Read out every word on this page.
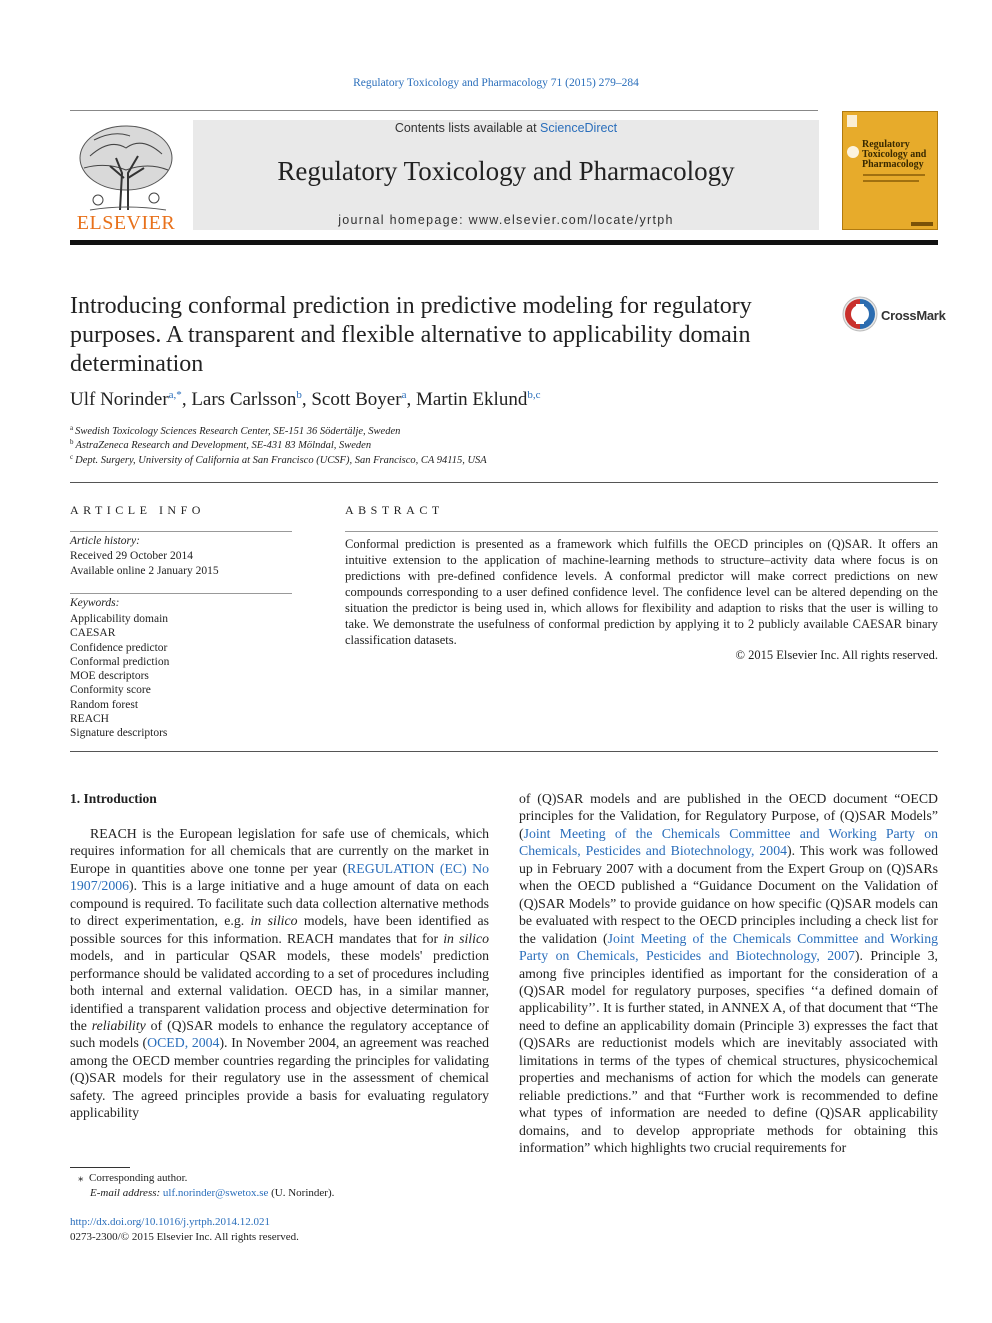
Regulatory Toxicology and Pharmacology 71 (2015) 279–284
ELSEVIER
Contents lists available at ScienceDirect
Regulatory Toxicology and Pharmacology
journal homepage: www.elsevier.com/locate/yrtph
Regulatory Toxicology and Pharmacology
Introducing conformal prediction in predictive modeling for regulatory purposes. A transparent and flexible alternative to applicability domain determination
CrossMark
Ulf Norinder$^{a,*}$, Lars Carlsson$^b$, Scott Boyer$^a$, Martin Eklund$^{b,c}$
$^a$ Swedish Toxicology Sciences Research Center, SE-151 36 Södertälje, Sweden
$^b$ AstraZeneca Research and Development, SE-431 83 Mölndal, Sweden
$^c$ Dept. Surgery, University of California at San Francisco (UCSF), San Francisco, CA 94115, USA
ARTICLE INFO
Article history:
Received 29 October 2014
Available online 2 January 2015
Keywords:
Applicability domain
CAESAR
Confidence predictor
Conformal prediction
MOE descriptors
Conformity score
Random forest
REACH
Signature descriptors
ABSTRACT
Conformal prediction is presented as a framework which fulfills the OECD principles on (Q)SAR. It offers an intuitive extension to the application of machine-learning methods to structure–activity data where focus is on predictions with pre-defined confidence levels. A conformal predictor will make correct predictions on new compounds corresponding to a user defined confidence level. The confidence level can be altered depending on the situation the predictor is being used in, which allows for flexibility and adaption to risks that the user is willing to take. We demonstrate the usefulness of conformal prediction by applying it to 2 publicly available CAESAR binary classification datasets.
© 2015 Elsevier Inc. All rights reserved.
1. Introduction
REACH is the European legislation for safe use of chemicals, which requires information for all chemicals that are currently on the market in Europe in quantities above one tonne per year (REGULATION (EC) No 1907/2006). This is a large initiative and a huge amount of data on each compound is required. To facilitate such data collection alternative methods to direct experimentation, e.g. in silico models, have been identified as possible sources for this information. REACH mandates that for in silico models, and in particular QSAR models, these models' prediction performance should be validated according to a set of procedures including both internal and external validation. OECD has, in a similar manner, identified a transparent validation process and objective determination for the reliability of (Q)SAR models to enhance the regulatory acceptance of such models (OCED, 2004). In November 2004, an agreement was reached among the OECD member countries regarding the principles for validating (Q)SAR models for their regulatory use in the assessment of chemical safety. The agreed principles provide a basis for evaluating regulatory applicability
of (Q)SAR models and are published in the OECD document “OECD principles for the Validation, for Regulatory Purpose, of (Q)SAR Models” (Joint Meeting of the Chemicals Committee and Working Party on Chemicals, Pesticides and Biotechnology, 2004). This work was followed up in February 2007 with a document from the Expert Group on (Q)SARs when the OECD published a “Guidance Document on the Validation of (Q)SAR Models” to provide guidance on how specific (Q)SAR models can be evaluated with respect to the OECD principles including a check list for the validation (Joint Meeting of the Chemicals Committee and Working Party on Chemicals, Pesticides and Biotechnology, 2007). Principle 3, among five principles identified as important for the consideration of a (Q)SAR model for regulatory purposes, specifies ‘‘a defined domain of applicability’’. It is further stated, in ANNEX A, of that document that “The need to define an applicability domain (Principle 3) expresses the fact that (Q)SARs are reductionist models which are inevitably associated with limitations in terms of the types of chemical structures, physicochemical properties and mechanisms of action for which the models can generate reliable predictions.” and that “Further work is recommended to define what types of information are needed to define (Q)SAR applicability domains, and to develop appropriate methods for obtaining this information” which highlights two crucial requirements for
⁎ Corresponding author.
E-mail address: ulf.norinder@swetox.se (U. Norinder).
http://dx.doi.org/10.1016/j.yrtph.2014.12.021
0273-2300/© 2015 Elsevier Inc. All rights reserved.
